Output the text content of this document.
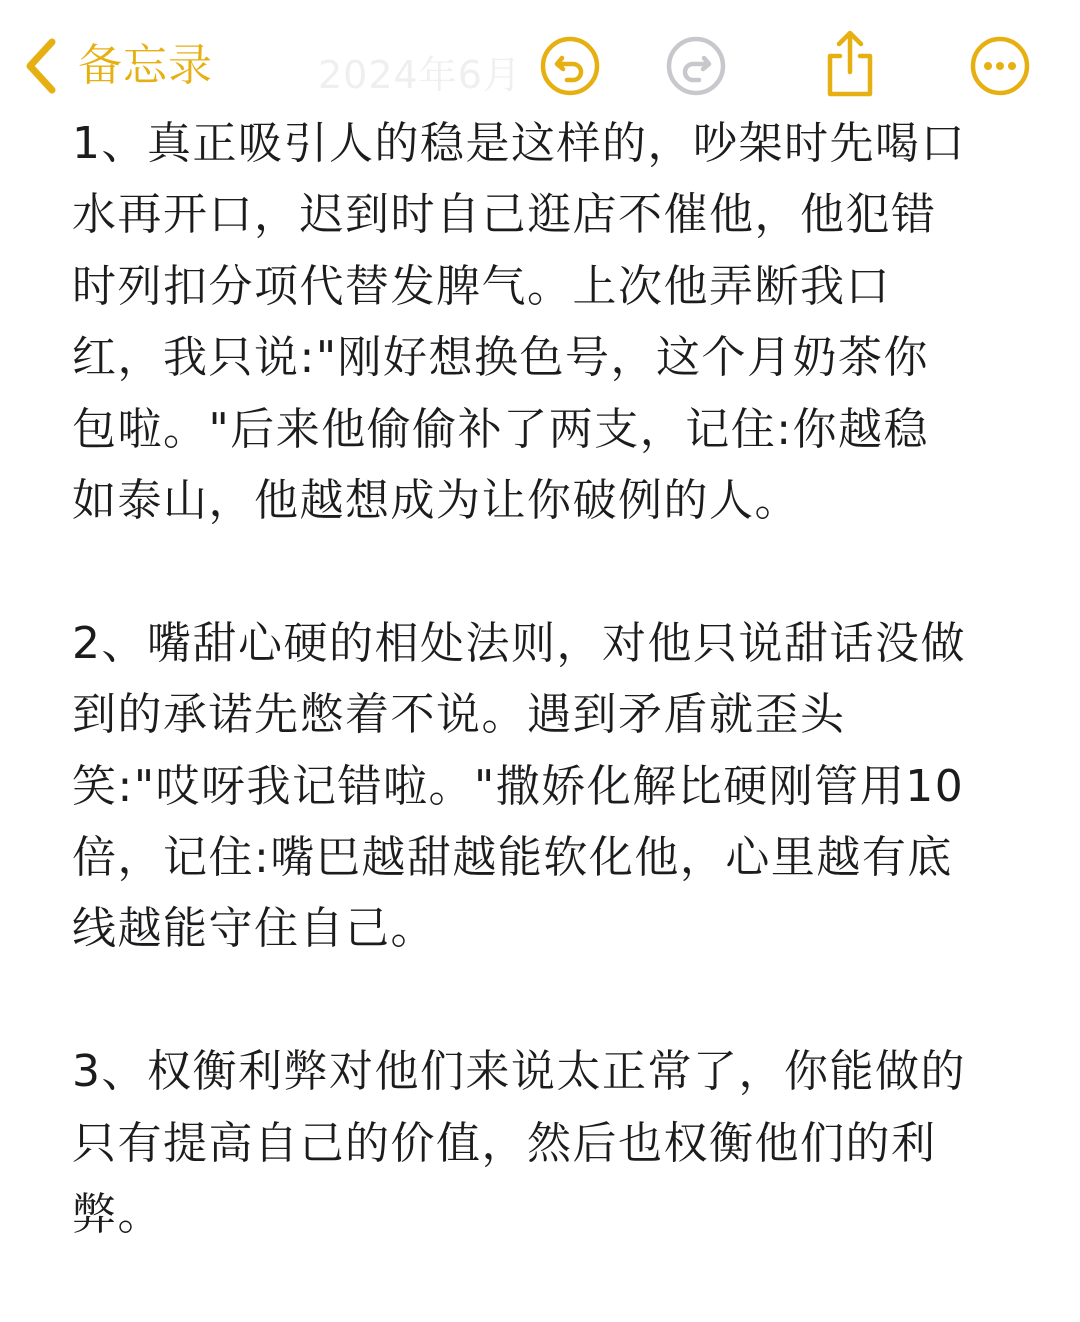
备忘录	2024年6月
1、真正吸引人的稳是这样的，吵架时先喝口
水再开口，迟到时自己逛店不催他，他犯错
时列扣分项代替发脾气。上次他弄断我口
红，我只说:"刚好想换色号，这个月奶茶你
包啦。"后来他偷偷补了两支，记住:你越稳
如泰山，他越想成为让你破例的人。
2、嘴甜心硬的相处法则，对他只说甜话没做
到的承诺先憋着不说。遇到矛盾就歪头
笑:"哎呀我记错啦。"撒娇化解比硬刚管用10
倍，记住:嘴巴越甜越能软化他，心里越有底
线越能守住自己。
3、权衡利弊对他们来说太正常了，你能做的
只有提高自己的价值，然后也权衡他们的利
弊。
